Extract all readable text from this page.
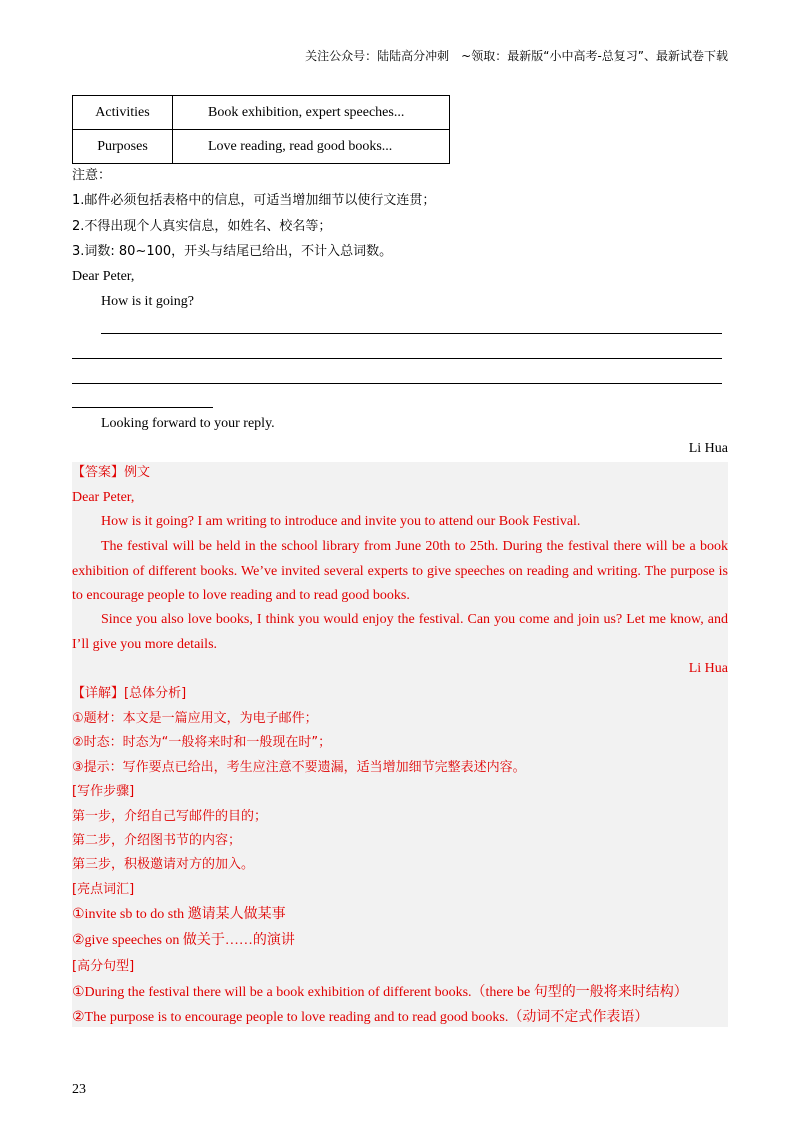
关注公众号：陆陆高分冲刺　~领取：最新版“小中高考-总复习”、最新试卷下载
Activities	Book exhibition, expert speeches...
Purposes	Love reading, read good books...
注意：
1.邮件必须包括表格中的信息，可适当增加细节以使行文连贯；
2.不得出现个人真实信息，如姓名、校名等；
3.词数: 80~100，开头与结尾已给出，不计入总词数。
Dear Peter,
How is it going?
Looking forward to your reply.
Li Hua
【答案】例文
Dear Peter,
How is it going? I am writing to introduce and invite you to attend our Book Festival.
The festival will be held in the school library from June 20th to 25th. During the festival there will be a book exhibition of different books. We’ve invited several experts to give speeches on reading and writing. The purpose is to encourage people to love reading and to read good books.
Since you also love books, I think you would enjoy the festival. Can you come and join us? Let me know, and I’ll give you more details.
Li Hua
【详解】[总体分析]
①题材：本文是一篇应用文，为电子邮件；
②时态：时态为“一般将来时和一般现在时”；
③提示：写作要点已给出，考生应注意不要遗漏，适当增加细节完整表述内容。
[写作步骤]
第一步，介绍自己写邮件的目的；
第二步，介绍图书节的内容；
第三步，积极邀请对方的加入。
[亮点词汇]
①invite sb to do sth 邀请某人做某事
②give speeches on 做关于……的演讲
[高分句型]
①During the festival there will be a book exhibition of different books.（there be 句型的一般将来时结构）
②The purpose is to encourage people to love reading and to read good books.（动词不定式作表语）
23
